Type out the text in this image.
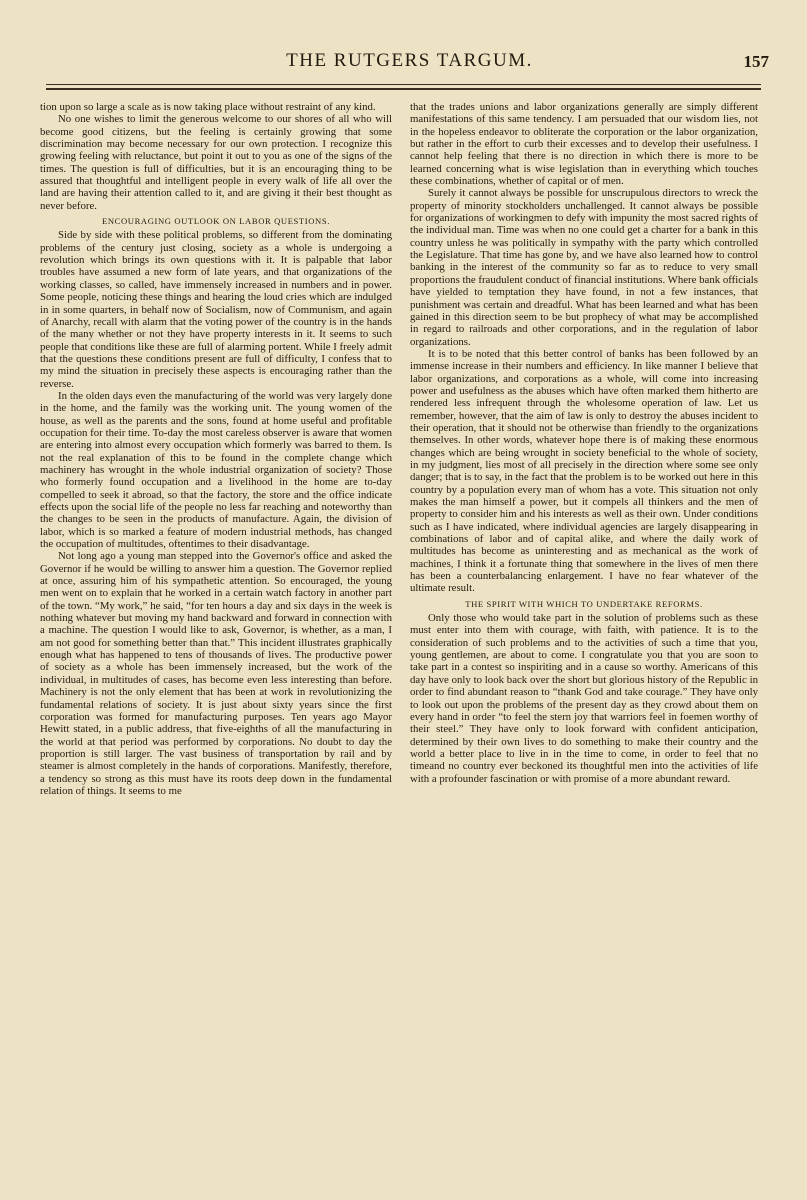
THE RUTGERS TARGUM.	157

tion upon so large a scale as is now taking place without restraint of any kind.

No one wishes to limit the generous welcome to our shores of all who will become good citizens, but the feeling is certainly growing that some discrimination may become necessary for our own protection. I recognize this growing feeling with reluctance, but point it out to you as one of the signs of the times. The question is full of difficulties, but it is an encouraging thing to be assured that thoughtful and intelligent people in every walk of life all over the land are having their attention called to it, and are giving it their best thought as never before.

ENCOURAGING OUTLOOK ON LABOR QUESTIONS.

Side by side with these political problems, so different from the dominating problems of the century just closing, society as a whole is undergoing a revolution which brings its own questions with it. It is palpable that labor troubles have assumed a new form of late years, and that organizations of the working classes, so called, have immensely increased in numbers and in power. Some people, noticing these things and hearing the loud cries which are indulged in in some quarters, in behalf now of Socialism, now of Communism, and again of Anarchy, recall with alarm that the voting power of the country is in the hands of the many whether or not they have property interests in it. It seems to such people that conditions like these are full of alarming portent. While I freely admit that the questions these conditions present are full of difficulty, I confess that to my mind the situation in precisely these aspects is encouraging rather than the reverse.

In the olden days even the manufacturing of the world was very largely done in the home, and the family was the working unit. The young women of the house, as well as the parents and the sons, found at home useful and profitable occupation for their time. To-day the most careless observer is aware that women are entering into almost every occupation which formerly was barred to them. Is not the real explanation of this to be found in the complete change which machinery has wrought in the whole industrial organization of society? Those who formerly found occupation and a livelihood in the home are to-day compelled to seek it abroad, so that the factory, the store and the office indicate effects upon the social life of the people no less far reaching and noteworthy than the changes to be seen in the products of manufacture. Again, the division of labor, which is so marked a feature of modern industrial methods, has changed the occupation of multitudes, oftentimes to their disadvantage.

Not long ago a young man stepped into the Governor's office and asked the Governor if he would be willing to answer him a question. The Governor replied at once, assuring him of his sympathetic attention. So encouraged, the young men went on to explain that he worked in a certain watch factory in another part of the town. “My work,” he said, “for ten hours a day and six days in the week is nothing whatever but moving my hand backward and forward in connection with a machine. The question I would like to ask, Governor, is whether, as a man, I am not good for something better than that.” This incident illustrates graphically enough what has happened to tens of thousands of lives. The productive power of society as a whole has been immensely increased, but the work of the individual, in multitudes of cases, has become even less interesting than before. Machinery is not the only element that has been at work in revolutionizing the fundamental relations of society. It is just about sixty years since the first corporation was formed for manufacturing purposes. Ten years ago Mayor Hewitt stated, in a public address, that five-eighths of all the manufacturing in the world at that period was performed by corporations. No doubt to day the proportion is still larger. The vast business of transportation by rail and by steamer is almost completely in the hands of corporations. Manifestly, therefore, a tendency so strong as this must have its roots deep down in the fundamental relation of things. It seems to me

that the trades unions and labor organizations generally are simply different manifestations of this same tendency. I am persuaded that our wisdom lies, not in the hopeless endeavor to obliterate the corporation or the labor organization, but rather in the effort to curb their excesses and to develop their usefulness. I cannot help feeling that there is no direction in which there is more to be learned concerning what is wise legislation than in everything which touches these combinations, whether of capital or of men.

Surely it cannot always be possible for unscrupulous directors to wreck the property of minority stockholders unchallenged. It cannot always be possible for organizations of workingmen to defy with impunity the most sacred rights of the individual man. Time was when no one could get a charter for a bank in this country unless he was politically in sympathy with the party which controlled the Legislature. That time has gone by, and we have also learned how to control banking in the interest of the community so far as to reduce to very small proportions the fraudulent conduct of financial institutions. Where bank officials have yielded to temptation they have found, in not a few instances, that punishment was certain and dreadful. What has been learned and what has been gained in this direction seem to be but prophecy of what may be accomplished in regard to railroads and other corporations, and in the regulation of labor organizations.

It is to be noted that this better control of banks has been followed by an immense increase in their numbers and efficiency. In like manner I believe that labor organizations, and corporations as a whole, will come into increasing power and usefulness as the abuses which have often marked them hitherto are rendered less infrequent through the wholesome operation of law. Let us remember, however, that the aim of law is only to destroy the abuses incident to their operation, that it should not be otherwise than friendly to the organizations themselves. In other words, whatever hope there is of making these enormous changes which are being wrought in society beneficial to the whole of society, in my judgment, lies most of all precisely in the direction where some see only danger; that is to say, in the fact that the problem is to be worked out here in this country by a population every man of whom has a vote. This situation not only makes the man himself a power, but it compels all thinkers and the men of property to consider him and his interests as well as their own. Under conditions such as I have indicated, where individual agencies are largely disappearing in combinations of labor and of capital alike, and where the daily work of multitudes has become as uninteresting and as mechanical as the work of machines, I think it a fortunate thing that somewhere in the lives of men there has been a counterbalancing enlargement. I have no fear whatever of the ultimate result.

THE SPIRIT WITH WHICH TO UNDERTAKE REFORMS.

Only those who would take part in the solution of problems such as these must enter into them with courage, with faith, with patience. It is to the consideration of such problems and to the activities of such a time that you, young gentlemen, are about to come. I congratulate you that you are soon to take part in a contest so inspiriting and in a cause so worthy. Americans of this day have only to look back over the short but glorious history of the Republic in order to find abundant reason to “thank God and take courage.” They have only to look out upon the problems of the present day as they crowd about them on every hand in order “to feel the stern joy that warriors feel in foemen worthy of their steel.” They have only to look forward with confident anticipation, determined by their own lives to do something to make their country and the world a better place to live in in the time to come, in order to feel that no timeand no country ever beckoned its thoughtful men into the activities of life with a profounder fascination or with promise of a more abundant reward.
